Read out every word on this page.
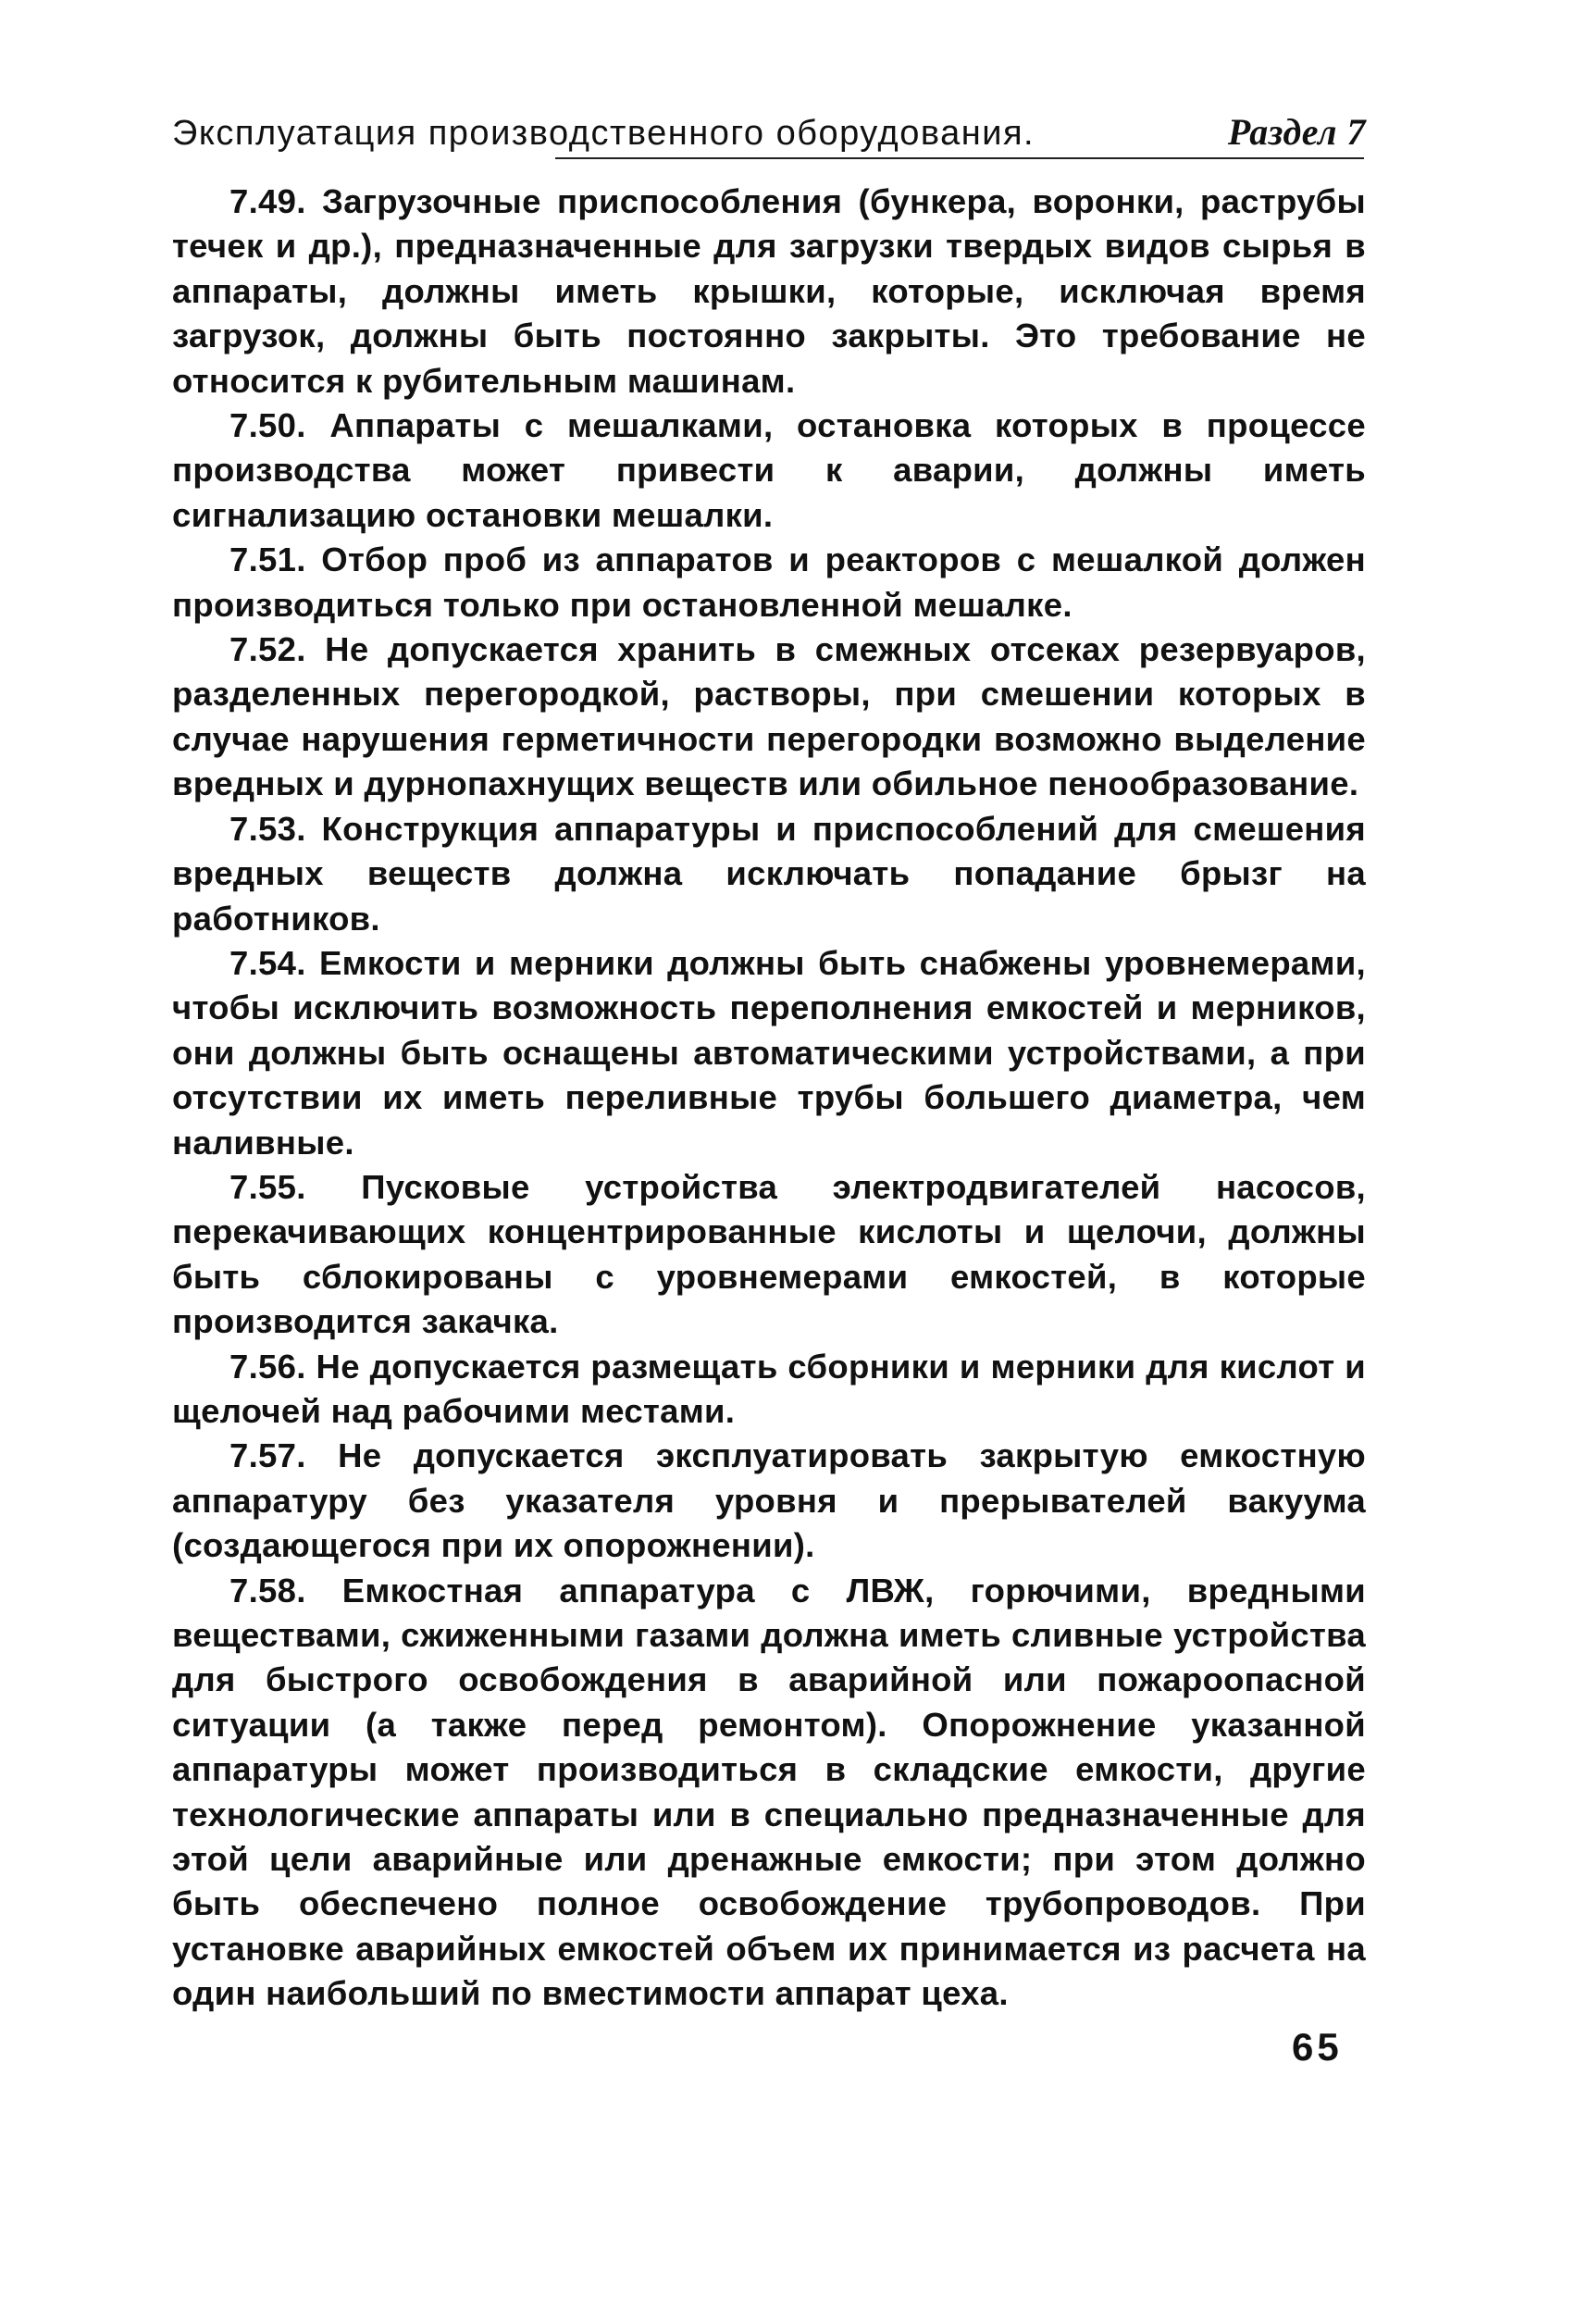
Эксплуатация производственного оборудования.	Раздел 7

7.49. Загрузочные приспособления (бункера, воронки, раструбы течек и др.), предназначенные для загрузки твердых видов сырья в аппараты, должны иметь крышки, которые, исключая время загрузок, должны быть постоянно закрыты. Это требование не относится к рубительным машинам.

7.50. Аппараты с мешалками, остановка которых в процессе производства может привести к аварии, должны иметь сигнализацию остановки мешалки.

7.51. Отбор проб из аппаратов и реакторов с мешалкой должен производиться только при остановленной мешалке.

7.52. Не допускается хранить в смежных отсеках резервуаров, разделенных перегородкой, растворы, при смешении которых в случае нарушения герметичности перегородки возможно выделение вредных и дурнопахнущих веществ или обильное пенообразование.

7.53. Конструкция аппаратуры и приспособлений для смешения вредных веществ должна исключать попадание брызг на работников.

7.54. Емкости и мерники должны быть снабжены уровнемерами, чтобы исключить возможность переполнения емкостей и мерников, они должны быть оснащены автоматическими устройствами, а при отсутствии их иметь переливные трубы большего диаметра, чем наливные.

7.55. Пусковые устройства электродвигателей насосов, перекачивающих концентрированные кислоты и щелочи, должны быть сблокированы с уровнемерами емкостей, в которые производится закачка.

7.56. Не допускается размещать сборники и мерники для кислот и щелочей над рабочими местами.

7.57. Не допускается эксплуатировать закрытую емкостную аппаратуру без указателя уровня и прерывателей вакуума (создающегося при их опорожнении).

7.58. Емкостная аппаратура с ЛВЖ, горючими, вредными веществами, сжиженными газами должна иметь сливные устройства для быстрого освобождения в аварийной или пожароопасной ситуации (а также перед ремонтом). Опорожнение указанной аппаратуры может производиться в складские емкости, другие технологические аппараты или в специально предназначенные для этой цели аварийные или дренажные емкости; при этом должно быть обеспечено полное освобождение трубопроводов. При установке аварийных емкостей объем их принимается из расчета на один наибольший по вместимости аппарат цеха.

65
